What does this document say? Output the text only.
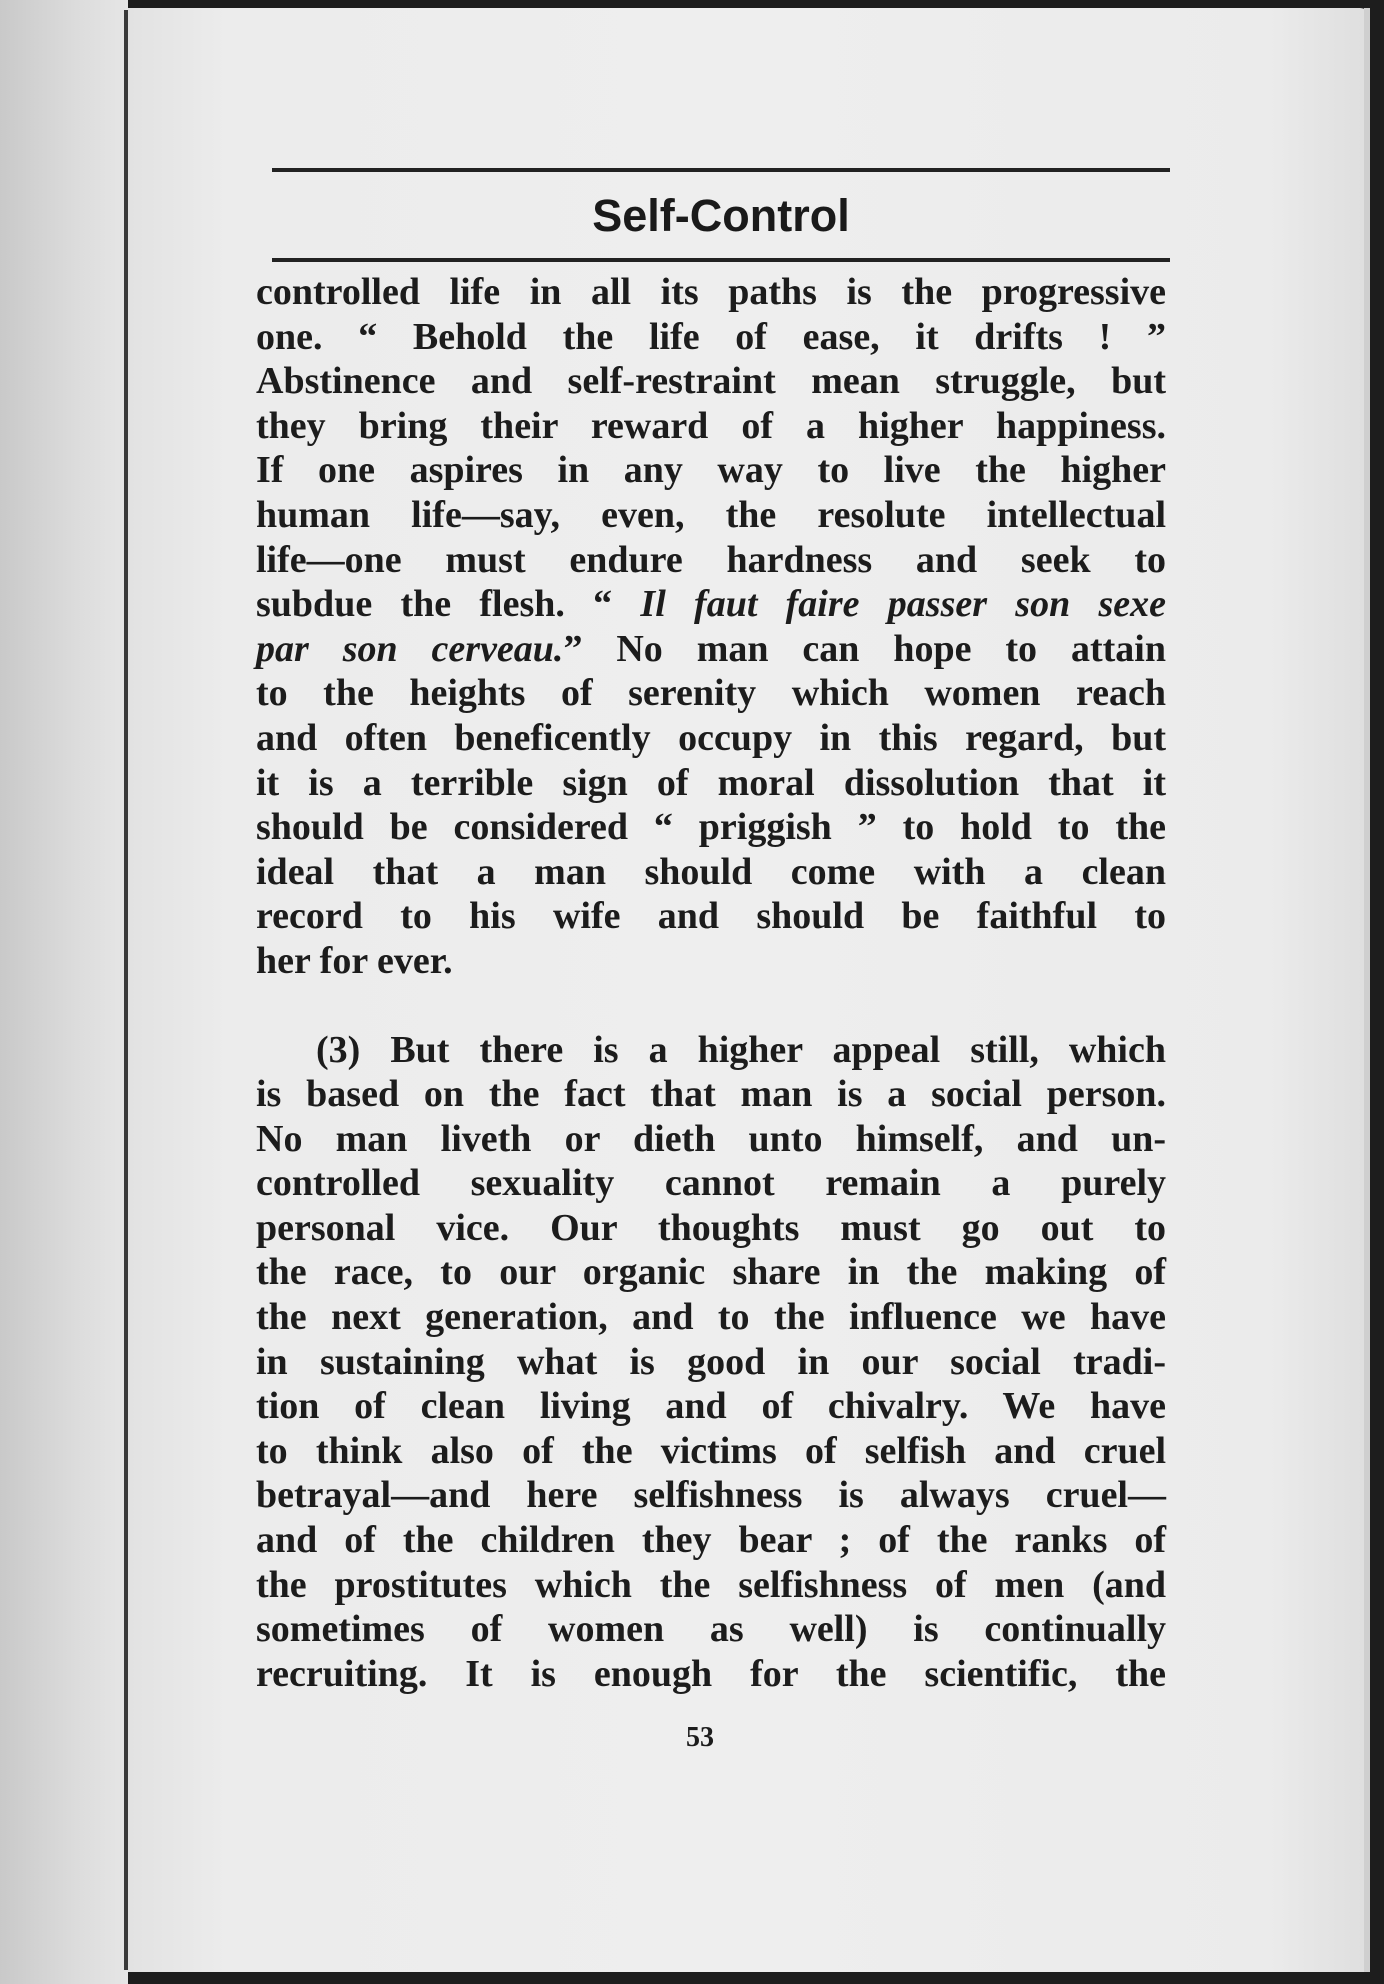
Self-Control
controlled life in all its paths is the progressive
one. “ Behold the life of ease, it drifts ! ”
Abstinence and self-restraint mean struggle, but
they bring their reward of a higher happiness.
If one aspires in any way to live the higher
human life—say, even, the resolute intellectual
life—one must endure hardness and seek to
subdue the flesh. “ Il faut faire passer son sexe
par son cerveau.” No man can hope to attain
to the heights of serenity which women reach
and often beneficently occupy in this regard, but
it is a terrible sign of moral dissolution that it
should be considered “ priggish ” to hold to the
ideal that a man should come with a clean
record to his wife and should be faithful to
her for ever.
(3) But there is a higher appeal still, which
is based on the fact that man is a social person.
No man liveth or dieth unto himself, and un-
controlled sexuality cannot remain a purely
personal vice. Our thoughts must go out to
the race, to our organic share in the making of
the next generation, and to the influence we have
in sustaining what is good in our social tradi-
tion of clean living and of chivalry. We have
to think also of the victims of selfish and cruel
betrayal—and here selfishness is always cruel—
and of the children they bear ; of the ranks of
the prostitutes which the selfishness of men (and
sometimes of women as well) is continually
recruiting. It is enough for the scientific, the
53
